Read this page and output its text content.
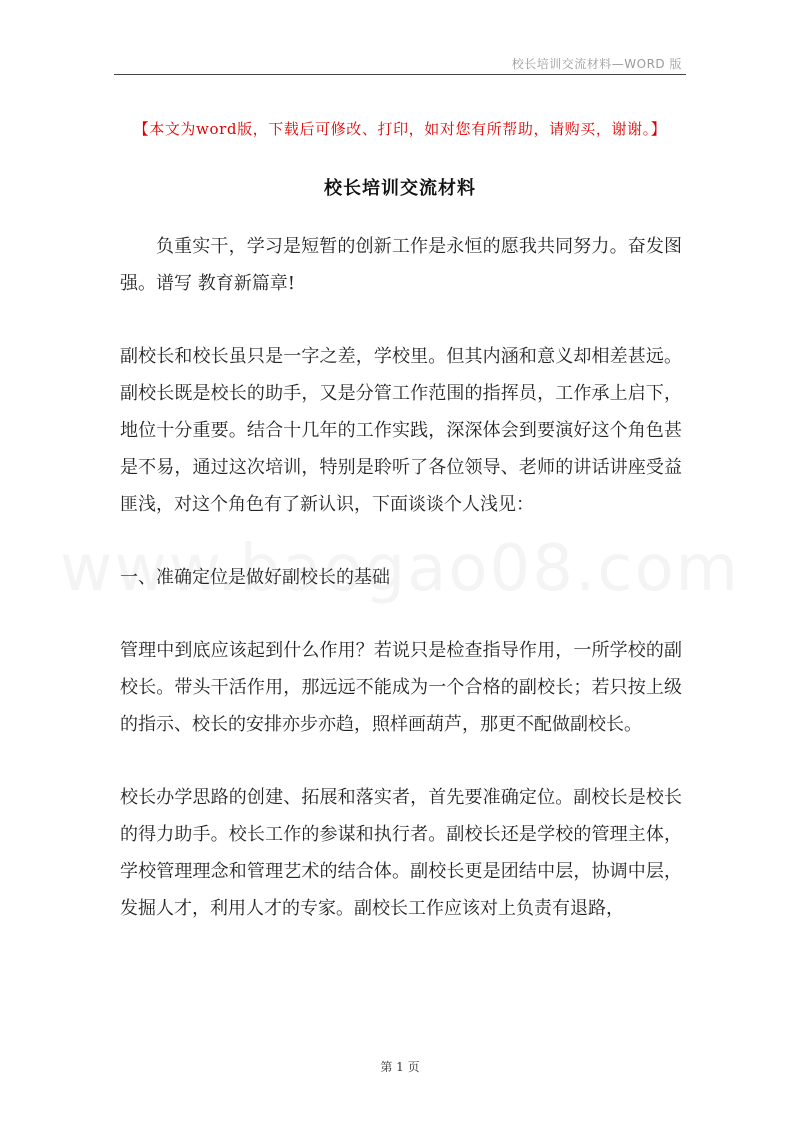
校长培训交流材料—WORD 版
【本文为word版，下载后可修改、打印，如对您有所帮助，请购买，谢谢。】
校长培训交流材料

负重实干，学习是短暂的创新工作是永恒的愿我共同努力。奋发图强。谱写 教育新篇章!

副校长和校长虽只是一字之差，学校里。但其内涵和意义却相差甚远。副校长既是校长的助手，又是分管工作范围的指挥员，工作承上启下，地位十分重要。结合十几年的工作实践，深深体会到要演好这个角色甚是不易，通过这次培训，特别是聆听了各位领导、老师的讲话讲座受益匪浅，对这个角色有了新认识，下面谈谈个人浅见：

一、准确定位是做好副校长的基础

管理中到底应该起到什么作用？若说只是检查指导作用，一所学校的副校长。带头干活作用，那远远不能成为一个合格的副校长；若只按上级的指示、校长的安排亦步亦趋，照样画葫芦，那更不配做副校长。

校长办学思路的创建、拓展和落实者，首先要准确定位。副校长是校长的得力助手。校长工作的参谋和执行者。副校长还是学校的管理主体，学校管理理念和管理艺术的结合体。副校长更是团结中层，协调中层，发掘人才，利用人才的专家。副校长工作应该对上负责有退路，

第 1 页
